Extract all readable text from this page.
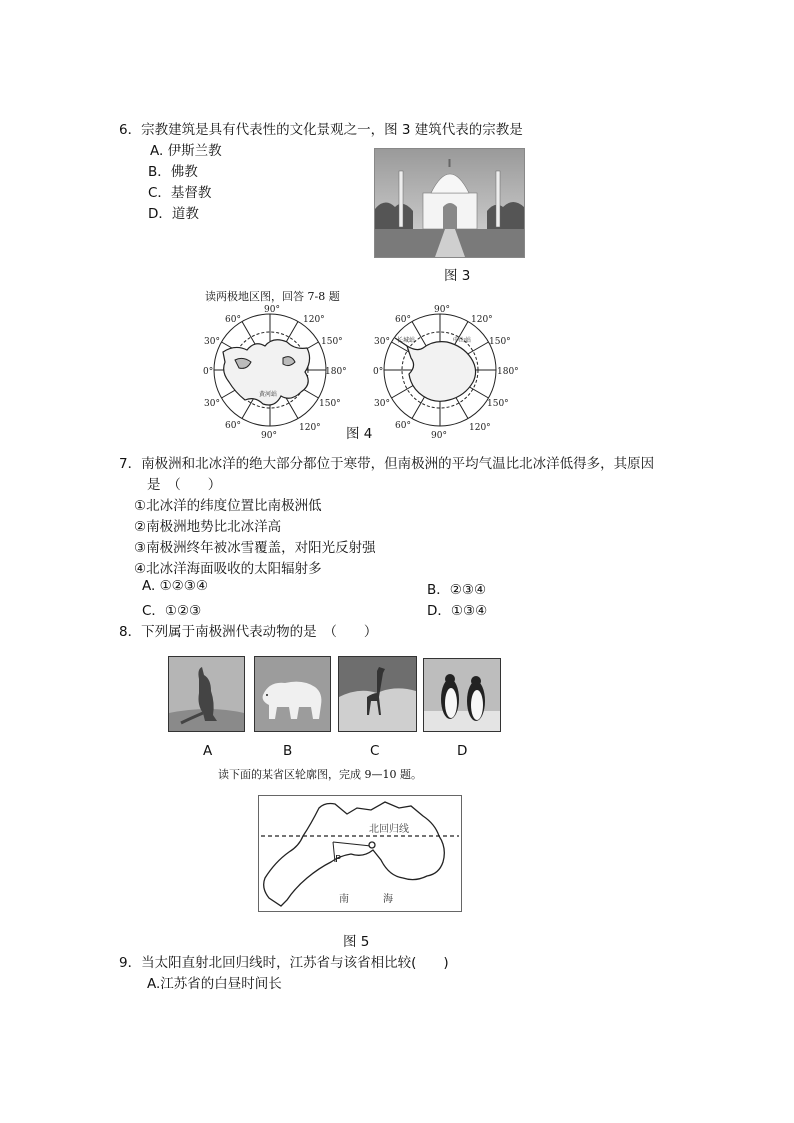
6．宗教建筑是具有代表性的文化景观之一，图 3 建筑代表的宗教是
A. 伊斯兰教
B．佛教
C．基督教
D．道教
图 3
读两极地区图，回答 7-8 题
90°
60°	120°
30°	150°
0°	180°
30°	150°
60°
90°
120°
黄河站
90°
60°	120°
30°	150°
0°	180°
30°	150°
60°
90°
120°
长城站	中山站
图 4
7．南极洲和北冰洋的绝大部分都位于寒带，但南极洲的平均气温比北冰洋低得多，其原因
是　（　　）
①北冰洋的纬度位置比南极洲低
②南极洲地势比北冰洋高
③南极洲终年被冰雪覆盖，对阳光反射强
④北冰洋海面吸收的太阳辐射多
A. ①②③④	B．②③④
C．①②③	D．①③④
8．下列属于南极洲代表动物的是　（　　）
A	B	C	D
读下面的某省区轮廓图，完成 9—10 题。
北回归线
P
南	海
图 5
9．当太阳直射北回归线时，江苏省与该省相比较(　　)
A.江苏省的白昼时间长
